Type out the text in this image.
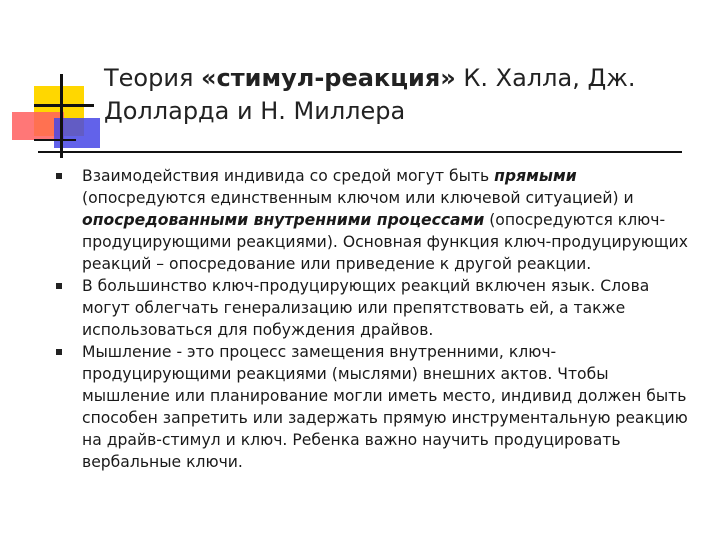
Теория «стимул-реакция» К. Халла, Дж. Долларда и Н. Миллера
Взаимодействия индивида со средой могут быть прямыми (опосредуются единственным ключом или ключевой ситуацией) и опосредованными внутренними процессами (опосредуются ключ-продуцирующими реакциями). Основная функция ключ-продуцирующих реакций – опосредование или приведение к другой реакции.
В большинство ключ-продуцирующих реакций включен язык. Слова могут облегчать генерализацию или препятствовать ей, а также использоваться для побуждения драйвов.
Мышление - это процесс замещения внутренними, ключ-продуцирующими реакциями (мыслями) внешних актов. Чтобы мышление или планирование могли иметь место, индивид должен быть способен запретить или задержать прямую инструментальную реакцию на драйв-стимул и ключ. Ребенка важно научить продуцировать вербальные ключи.
